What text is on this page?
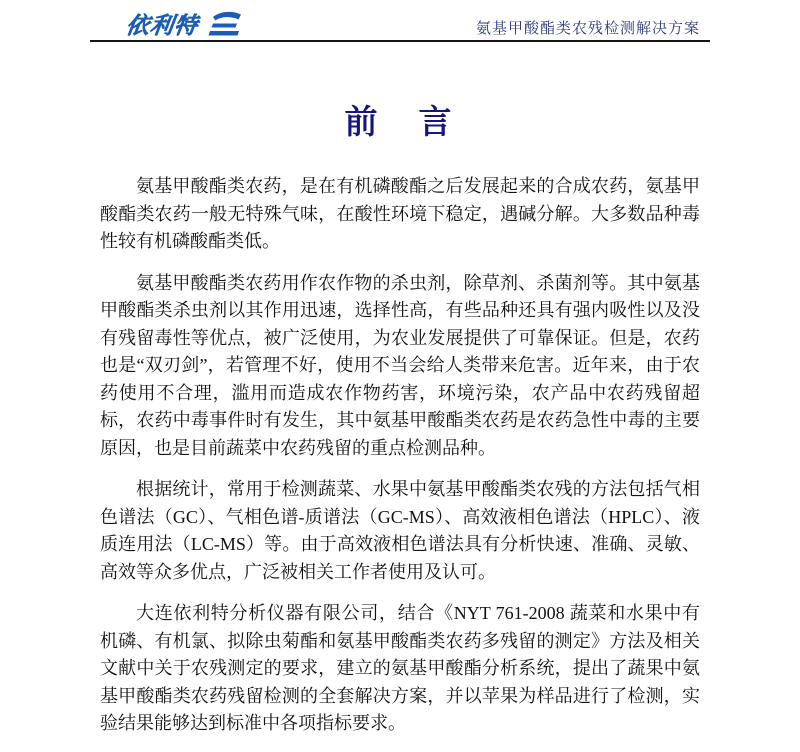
依利特	氨基甲酸酯类农残检测解决方案
前　言

氨基甲酸酯类农药，是在有机磷酸酯之后发展起来的合成农药，氨基甲酸酯类农药一般无特殊气味，在酸性环境下稳定，遇碱分解。大多数品种毒性较有机磷酸酯类低。

氨基甲酸酯类农药用作农作物的杀虫剂，除草剂、杀菌剂等。其中氨基甲酸酯类杀虫剂以其作用迅速，选择性高，有些品种还具有强内吸性以及没有残留毒性等优点，被广泛使用，为农业发展提供了可靠保证。但是，农药也是“双刃剑”，若管理不好，使用不当会给人类带来危害。近年来，由于农药使用不合理，滥用而造成农作物药害，环境污染，农产品中农药残留超标，农药中毒事件时有发生，其中氨基甲酸酯类农药是农药急性中毒的主要原因，也是目前蔬菜中农药残留的重点检测品种。

根据统计，常用于检测蔬菜、水果中氨基甲酸酯类农残的方法包括气相色谱法（GC）、气相色谱-质谱法（GC-MS）、高效液相色谱法（HPLC）、液质连用法（LC-MS）等。由于高效液相色谱法具有分析快速、准确、灵敏、高效等众多优点，广泛被相关工作者使用及认可。

大连依利特分析仪器有限公司，结合《NYT 761-2008 蔬菜和水果中有机磷、有机氯、拟除虫菊酯和氨基甲酸酯类农药多残留的测定》方法及相关文献中关于农残测定的要求，建立的氨基甲酸酯分析系统，提出了蔬果中氨基甲酸酯类农药残留检测的全套解决方案，并以苹果为样品进行了检测，实验结果能够达到标准中各项指标要求。
